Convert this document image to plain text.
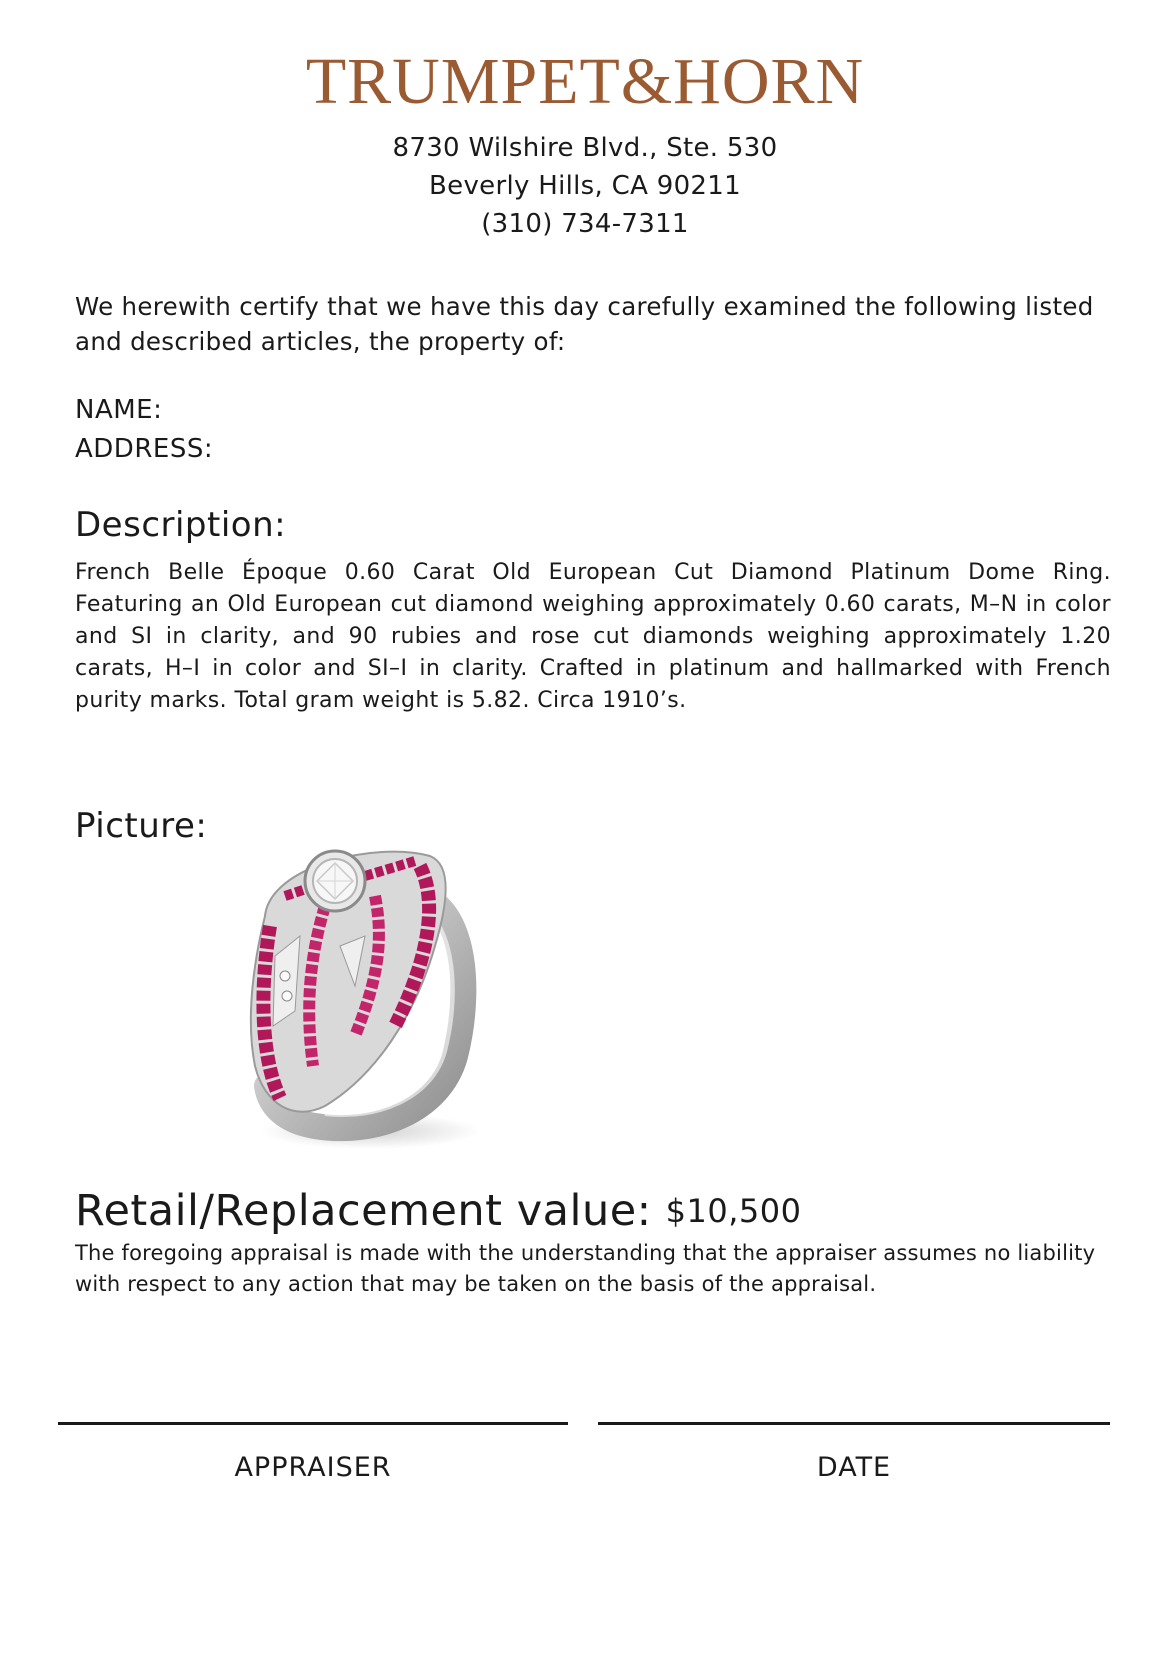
TRUMPET&HORN
8730 Wilshire Blvd., Ste. 530
Beverly Hills, CA 90211
(310) 734-7311
We herewith certify that we have this day carefully examined the following listed and described articles, the property of:
NAME:
ADDRESS:
Description:
French Belle Époque 0.60 Carat Old European Cut Diamond Platinum Dome Ring. Featuring an Old European cut diamond weighing approximately 0.60 carats, M–N in color and SI in clarity, and 90 rubies and rose cut diamonds weighing approximately 1.20 carats, H–I in color and SI–I in clarity. Crafted in platinum and hallmarked with French purity marks. Total gram weight is 5.82. Circa 1910’s.
Picture:
Retail/Replacement value: $10,500
The foregoing appraisal is made with the understanding that the appraiser assumes no liability with respect to any action that may be taken on the basis of the appraisal.
APPRAISER	DATE
